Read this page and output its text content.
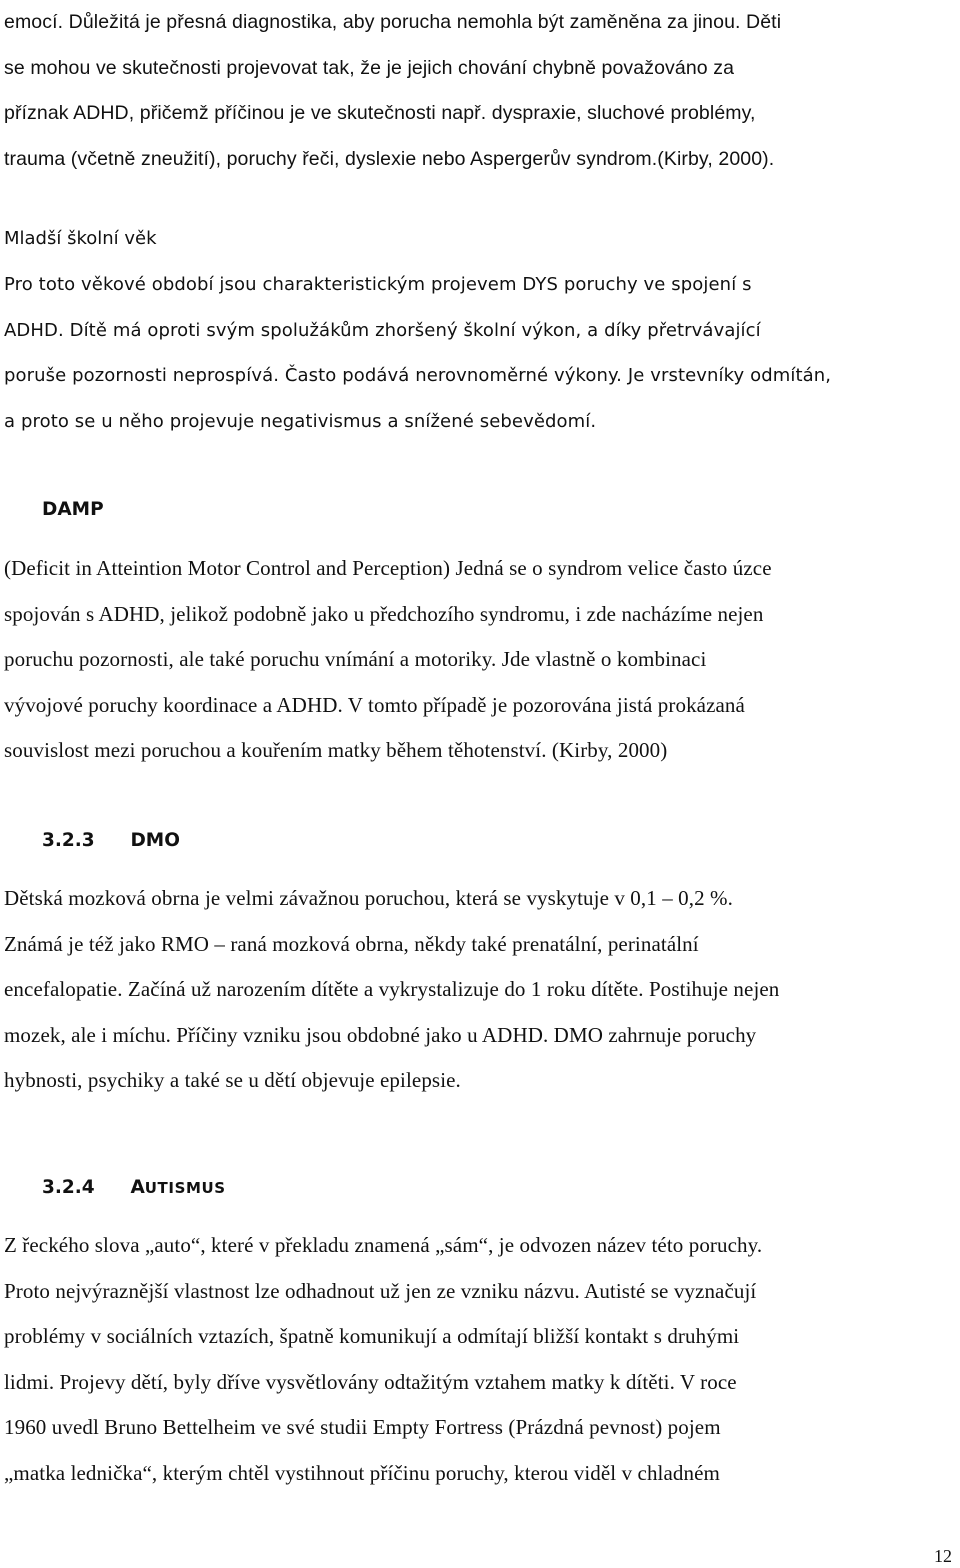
emocí. Důležitá je přesná diagnostika, aby porucha nemohla být zaměněna za jinou. Děti
se mohou ve skutečnosti projevovat tak, že je jejich chování chybně považováno za
příznak ADHD, přičemž příčinou je ve skutečnosti např. dyspraxie, sluchové problémy,
trauma (včetně zneužití), poruchy řeči, dyslexie nebo Aspergerův syndrom.(Kirby, 2000).
Mladší školní věk
Pro toto věkové období jsou charakteristickým projevem DYS poruchy ve spojení s
ADHD. Dítě má oproti svým spolužákům zhoršený školní výkon, a díky přetrvávající
poruše pozornosti neprospívá. Často podává nerovnoměrné výkony. Je vrstevníky odmítán,
a proto se u něho projevuje negativismus a snížené sebevědomí.
DAMP
(Deficit in Atteintion Motor Control and Perception) Jedná se o syndrom velice často úzce
spojován s ADHD, jelikož podobně jako u předchozího syndromu, i zde nacházíme nejen
poruchu pozornosti, ale také poruchu vnímání a motoriky. Jde vlastně o kombinaci
vývojové poruchy koordinace a ADHD. V tomto případě je pozorována jistá prokázaná
souvislost mezi poruchou a kouřením matky během těhotenství. (Kirby, 2000)
3.2.3 DMO
Dětská mozková obrna je velmi závažnou poruchou, která se vyskytuje v 0,1 – 0,2 %.
Známá je též jako RMO – raná mozková obrna, někdy také prenatální, perinatální
encefalopatie. Začíná už narozením dítěte a vykrystalizuje do 1 roku dítěte. Postihuje nejen
mozek, ale i míchu. Příčiny vzniku jsou obdobné jako u ADHD. DMO zahrnuje poruchy
hybnosti, psychiky a také se u dětí objevuje epilepsie.
3.2.4 AUTISMUS
Z řeckého slova „auto“, které v překladu znamená „sám“, je odvozen název této poruchy.
Proto nejvýraznější vlastnost lze odhadnout už jen ze vzniku názvu. Autisté se vyznačují
problémy v sociálních vztazích, špatně komunikují a odmítají bližší kontakt s druhými
lidmi. Projevy dětí, byly dříve vysvětlovány odtažitým vztahem matky k dítěti. V roce
1960 uvedl Bruno Bettelheim ve své studii Empty Fortress (Prázdná pevnost) pojem
„matka lednička“, kterým chtěl vystihnout příčinu poruchy, kterou viděl v chladném
12
